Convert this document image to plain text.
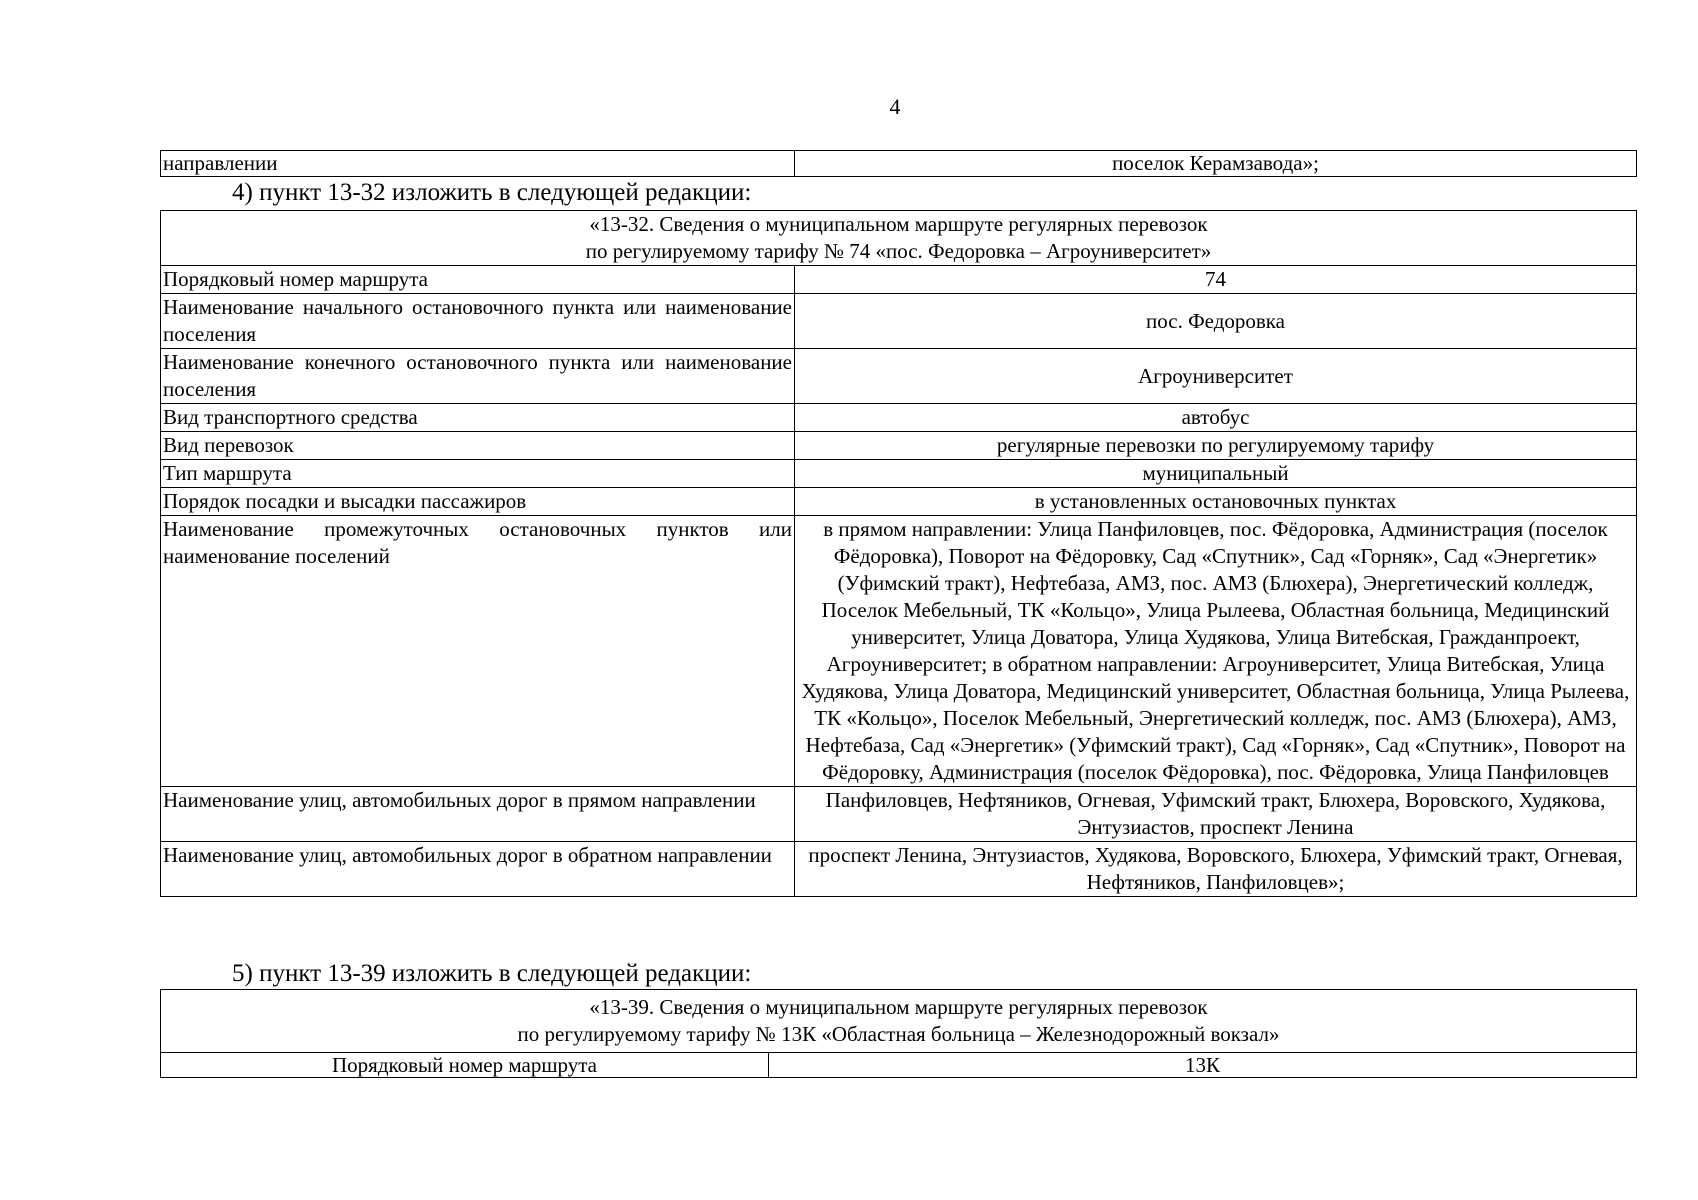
4
направлении	поселок Керамзавода»;
4) пункт 13-32 изложить в следующей редакции:
«13-32. Сведения о муниципальном маршруте регулярных перевозок
по регулируемому тарифу № 74 «пос. Федоровка – Агроуниверситет»	

Порядковый номер маршрута	74
Наименование начального остановочного пункта или наименование поселения	пос. Федоровка
Наименование конечного остановочного пункта или наименование поселения	Агроуниверситет
Вид транспортного средства	автобус
Вид перевозок	регулярные перевозки по регулируемому тарифу
Тип маршрута	муниципальный
Порядок посадки и высадки пассажиров	в установленных остановочных пунктах
Наименование промежуточных остановочных пунктов или наименование поселений	в прямом направлении: Улица Панфиловцев, пос. Фёдоровка, Администрация (поселок Фёдоровка), Поворот на Фёдоровку, Сад «Спутник», Сад «Горняк», Сад «Энергетик» (Уфимский тракт), Нефтебаза, АМЗ, пос. АМЗ (Блюхера), Энергетический колледж, Поселок Мебельный, ТК «Кольцо», Улица Рылеева, Областная больница, Медицинский университет, Улица Доватора, Улица Худякова, Улица Витебская, Гражданпроект, Агроуниверситет; в обратном направлении: Агроуниверситет, Улица Витебская, Улица Худякова, Улица Доватора, Медицинский университет, Областная больница, Улица Рылеева, ТК «Кольцо», Поселок Мебельный, Энергетический колледж, пос. АМЗ (Блюхера), АМЗ, Нефтебаза, Сад «Энергетик» (Уфимский тракт), Сад «Горняк», Сад «Спутник», Поворот на Фёдоровку, Администрация (поселок Фёдоровка), пос. Фёдоровка, Улица Панфиловцев
Наименование улиц, автомобильных дорог в прямом направлении	Панфиловцев, Нефтяников, Огневая, Уфимский тракт, Блюхера, Воровского, Худякова, Энтузиастов, проспект Ленина
Наименование улиц, автомобильных дорог в обратном направлении	проспект Ленина, Энтузиастов, Худякова, Воровского, Блюхера, Уфимский тракт, Огневая, Нефтяников, Панфиловцев»;
5) пункт 13-39 изложить в следующей редакции:
«13-39. Сведения о муниципальном маршруте регулярных перевозок
по регулируемому тарифу № 13К «Областная больница – Железнодорожный вокзал»

Порядковый номер маршрута	13К
